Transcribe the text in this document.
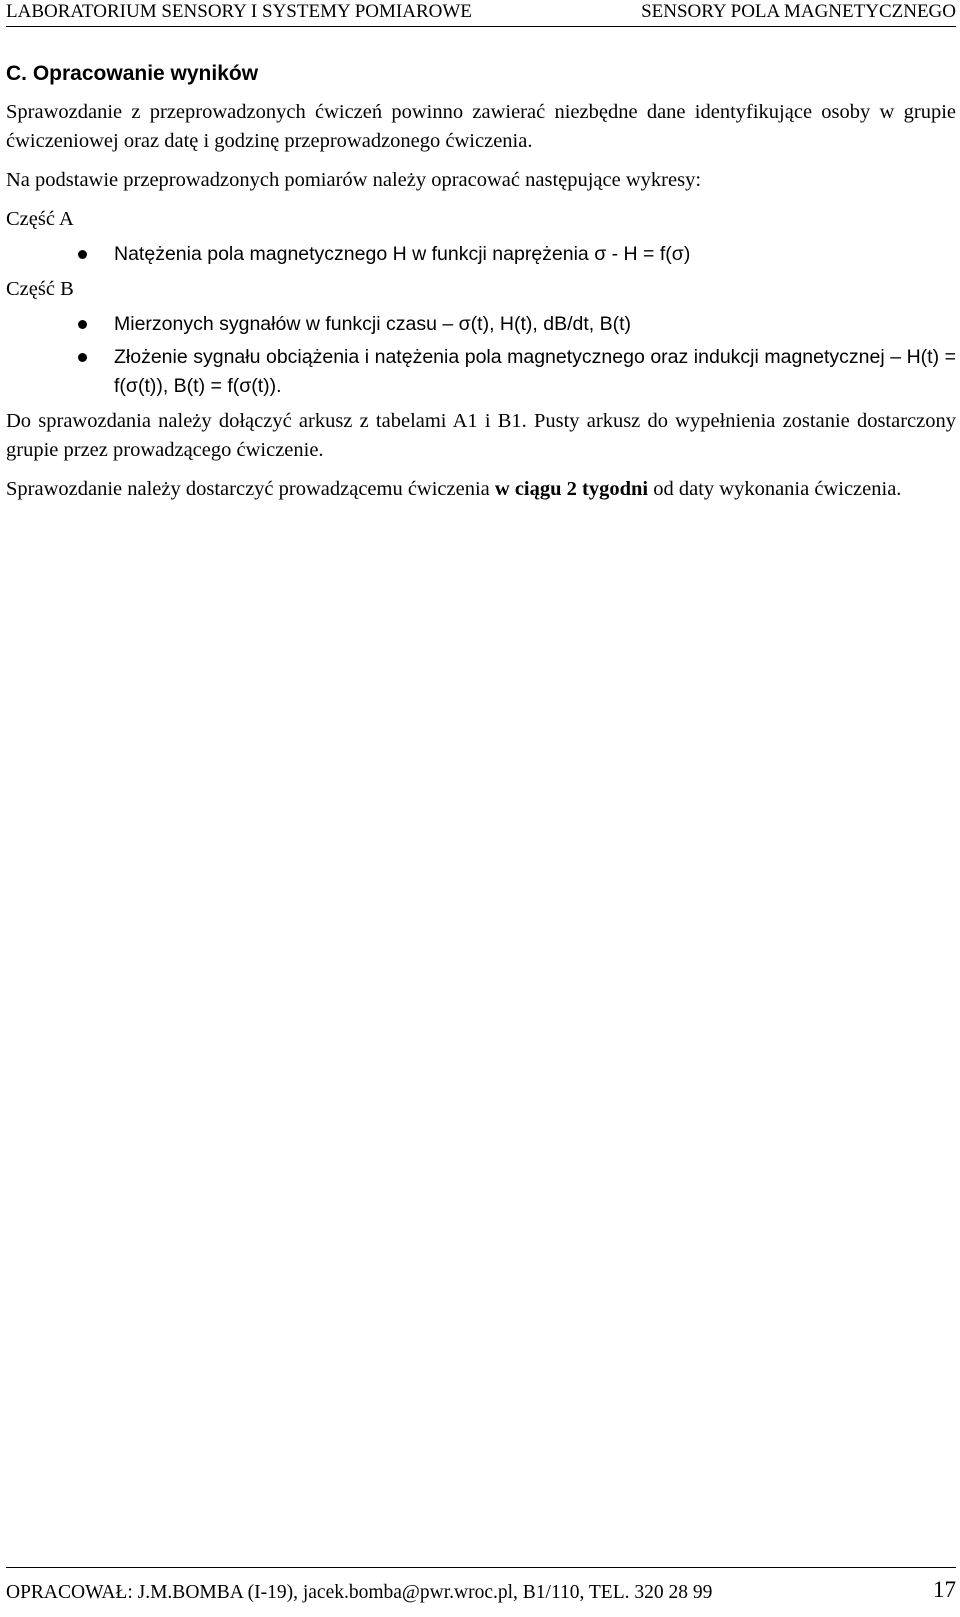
LABORATORIUM SENSORY I SYSTEMY POMIAROWE	SENSORY POLA MAGNETYCZNEGO
C. Opracowanie wyników

Sprawozdanie z przeprowadzonych ćwiczeń powinno zawierać niezbędne dane identyfikujące osoby w grupie ćwiczeniowej oraz datę i godzinę przeprowadzonego ćwiczenia.

Na podstawie przeprowadzonych pomiarów należy opracować następujące wykresy:

Część A
Natężenia pola magnetycznego H w funkcji naprężenia σ - H = f(σ)
Część B
Mierzonych sygnałów w funkcji czasu – σ(t), H(t), dB/dt, B(t)
Złożenie sygnału obciążenia i natężenia pola magnetycznego oraz indukcji magnetycznej – H(t) = f(σ(t)), B(t) = f(σ(t)).

Do sprawozdania należy dołączyć arkusz z tabelami A1 i B1. Pusty arkusz do wypełnienia zostanie dostarczony grupie przez prowadzącego ćwiczenie.

Sprawozdanie należy dostarczyć prowadzącemu ćwiczenia w ciągu 2 tygodni od daty wykonania ćwiczenia.

OPRACOWAŁ: J.M.BOMBA (I-19), jacek.bomba@pwr.wroc.pl, B1/110, TEL. 320 28 99	17
